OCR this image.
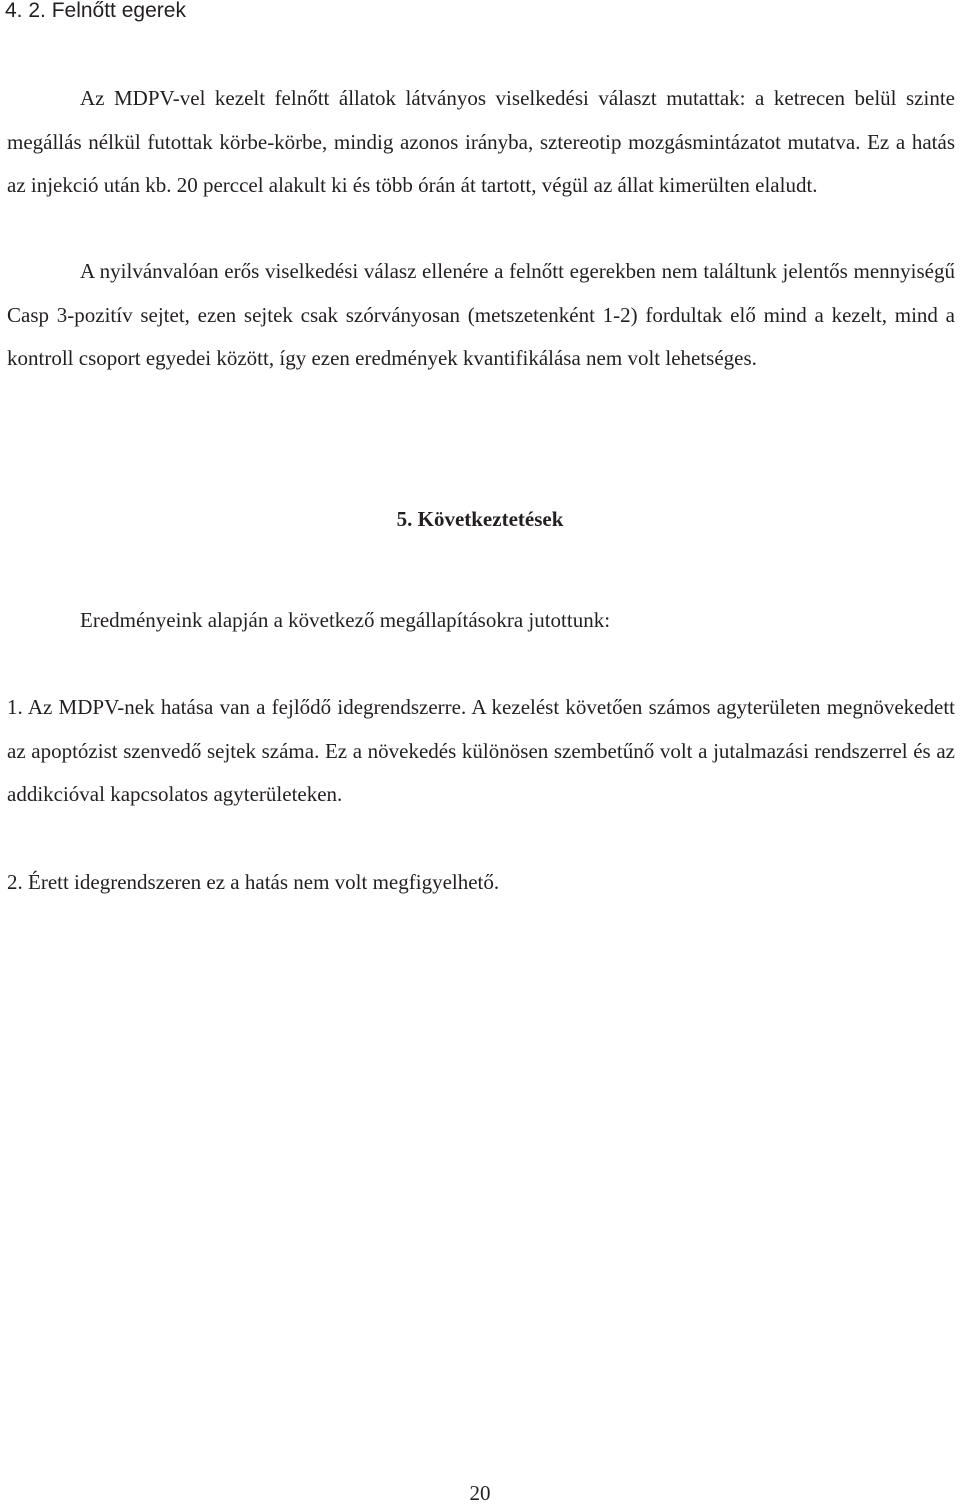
4. 2. Felnőtt egerek

Az MDPV-vel kezelt felnőtt állatok látványos viselkedési választ mutattak: a ketrecen belül szinte megállás nélkül futottak körbe-körbe, mindig azonos irányba, sztereotip mozgásmintázatot mutatva. Ez a hatás az injekció után kb. 20 perccel alakult ki és több órán át tartott, végül az állat kimerülten elaludt.

A nyilvánvalóan erős viselkedési válasz ellenére a felnőtt egerekben nem találtunk jelentős mennyiségű Casp 3-pozitív sejtet, ezen sejtek csak szórványosan (metszetenként 1-2) fordultak elő mind a kezelt, mind a kontroll csoport egyedei között, így ezen eredmények kvantifikálása nem volt lehetséges.

5. Következtetések

Eredményeink alapján a következő megállapításokra jutottunk:

1. Az MDPV-nek hatása van a fejlődő idegrendszerre. A kezelést követően számos agyterületen megnövekedett az apoptózist szenvedő sejtek száma. Ez a növekedés különösen szembetűnő volt a jutalmazási rendszerrel és az addikcióval kapcsolatos agyterületeken.

2. Érett idegrendszeren ez a hatás nem volt megfigyelhető.

20
